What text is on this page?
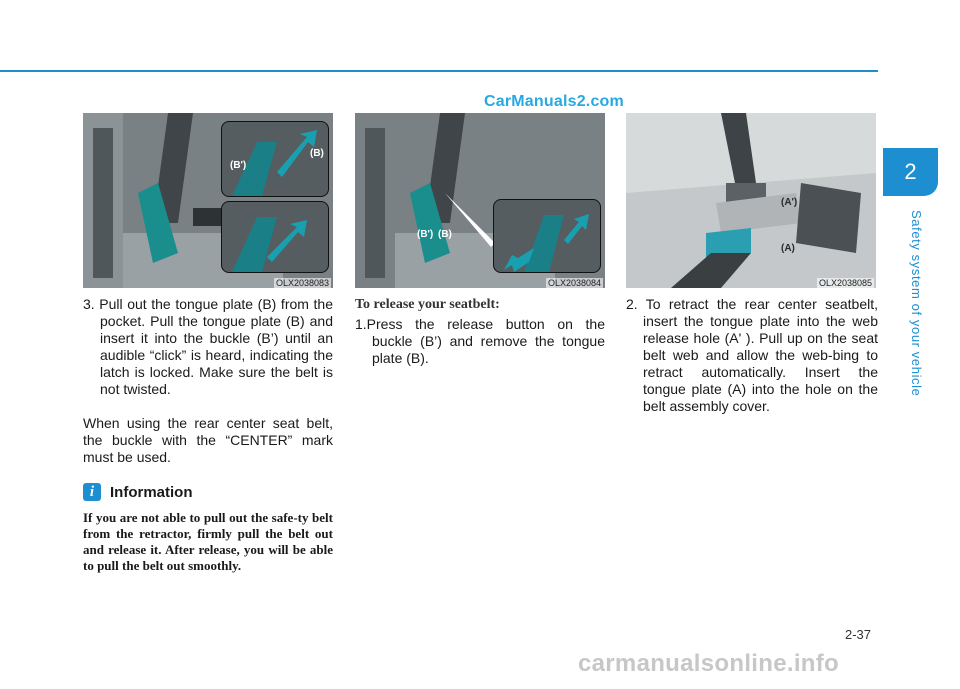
CarManuals2.com
2
Safety system of your vehicle
(B')
(B)
OLX2038083
(B') (B)
OLX2038084
(A')
(A)
OLX2038085

3. Pull out the tongue plate (B) from the pocket. Pull the tongue plate (B) and insert it into the buckle (B’) until an audible “click” is heard, indicating the latch is locked. Make sure the belt is not twisted.

When using the rear center seat belt, the buckle with the “CENTER” mark must be used.

i	Information
If you are not able to pull out the safe-ty belt from the retractor, firmly pull the belt out and release it. After release, you will be able to pull the belt out smoothly.
To release your seatbelt:

1.Press the release button on the buckle (B’) and remove the tongue plate (B).

2. To retract the rear center seatbelt, insert the tongue plate into the web release hole (A' ). Pull up on the seat belt web and allow the web-bing to retract automatically. Insert the tongue plate (A) into the hole on the belt assembly cover.

2-37
carmanualsonline.info
